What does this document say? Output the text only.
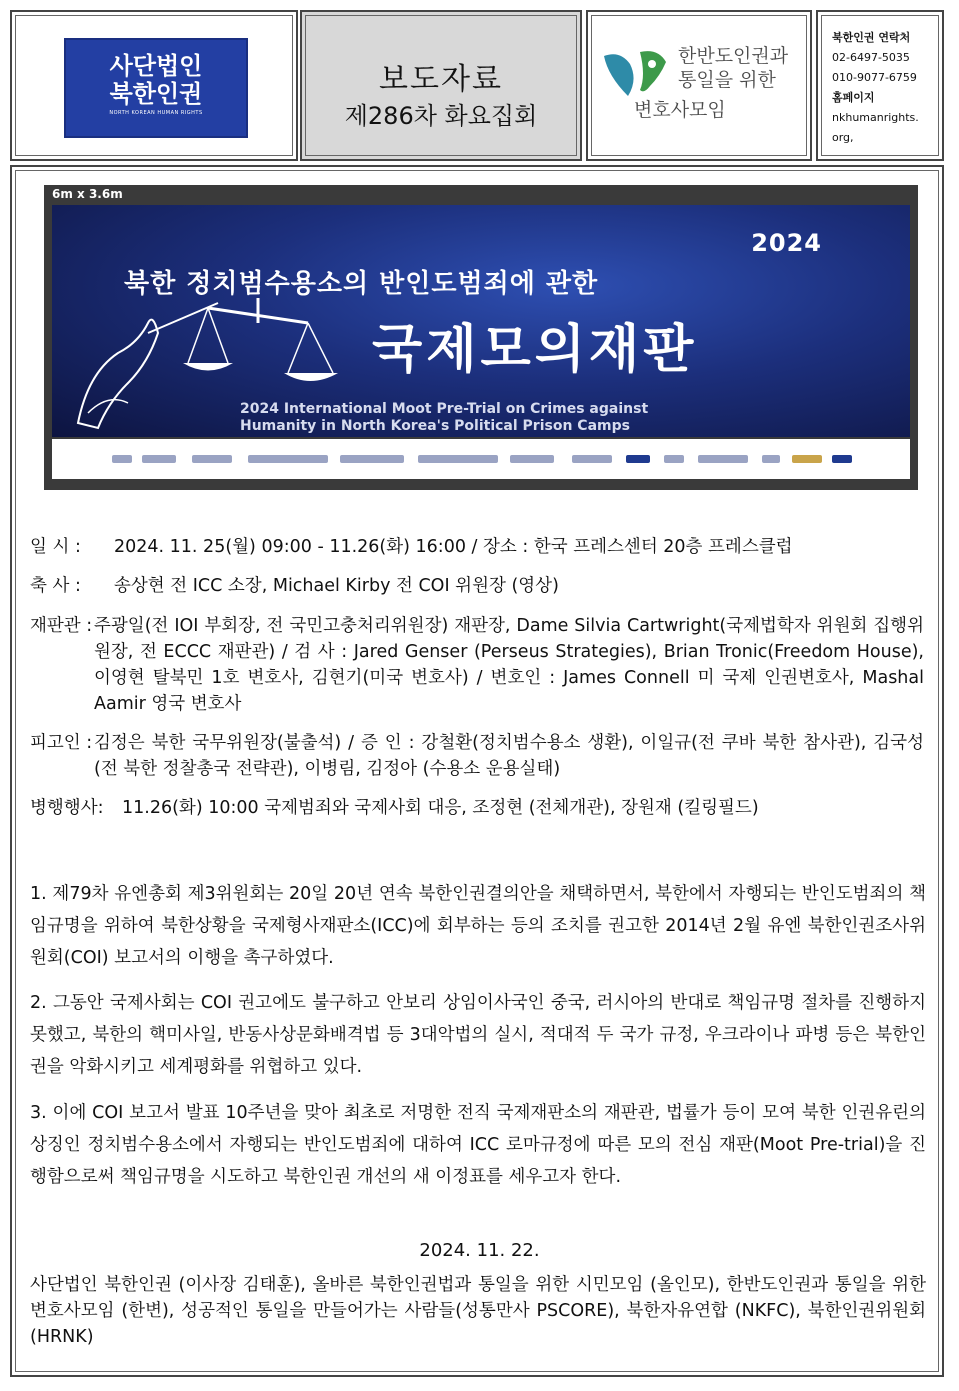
사단법인
북한인권
NORTH KOREAN HUMAN RIGHTS
보도자료
제286차 화요집회
한반도인권과
통일을 위한
변호사모임
북한인권 연락처
02-6497-5035
010-9077-6759
홈페이지
nkhumanrights.
org,
6m x 3.6m
2024
북한 정치범수용소의 반인도범죄에 관한
국제모의재판
2024 International Moot Pre-Trial on Crimes against
Humanity in North Korea's Political Prison Camps
일 시 : 2024. 11. 25(월) 09:00 - 11.26(화) 16:00 / 장소 : 한국 프레스센터 20층 프레스클럽
축 사 : 송상현 전 ICC 소장, Michael Kirby 전 COI 위원장 (영상)
재판관 : 주광일(전 IOI 부회장, 전 국민고충처리위원장) 재판장, Dame Silvia Cartwright(국제법학자 위원회 집행위원장, 전 ECCC 재판관) / 검 사 : Jared Genser (Perseus Strategies), Brian Tronic(Freedom House), 이영현 탈북민 1호 변호사, 김현기(미국 변호사) / 변호인 : James Connell 미 국제 인권변호사, Mashal Aamir 영국 변호사
피고인 : 김정은 북한 국무위원장(불출석) / 증 인 : 강철환(정치범수용소 생환), 이일규(전 쿠바 북한 참사관), 김국성(전 북한 정찰총국 전략관), 이병림, 김정아 (수용소 운용실태)
병행행사: 11.26(화) 10:00 국제범죄와 국제사회 대응, 조정현 (전체개관), 장원재 (킬링필드)
1. 제79차 유엔총회 제3위원회는 20일 20년 연속 북한인권결의안을 채택하면서, 북한에서 자행되는 반인도범죄의 책임규명을 위하여 북한상황을 국제형사재판소(ICC)에 회부하는 등의 조치를 권고한 2014년 2월 유엔 북한인권조사위원회(COI) 보고서의 이행을 촉구하였다.
2. 그동안 국제사회는 COI 권고에도 불구하고 안보리 상임이사국인 중국, 러시아의 반대로 책임규명 절차를 진행하지 못했고, 북한의 핵미사일, 반동사상문화배격법 등 3대악법의 실시, 적대적 두 국가 규정, 우크라이나 파병 등은 북한인권을 악화시키고 세계평화를 위협하고 있다.
3. 이에 COI 보고서 발표 10주년을 맞아 최초로 저명한 전직 국제재판소의 재판관, 법률가 등이 모여 북한 인권유린의 상징인 정치범수용소에서 자행되는 반인도범죄에 대하여 ICC 로마규정에 따른 모의 전심 재판(Moot Pre-trial)을 진행함으로써 책임규명을 시도하고 북한인권 개선의 새 이정표를 세우고자 한다.
2024. 11. 22.
사단법인 북한인권 (이사장 김태훈), 올바른 북한인권법과 통일을 위한 시민모임 (올인모), 한반도인권과 통일을 위한 변호사모임 (한변), 성공적인 통일을 만들어가는 사람들(성통만사 PSCORE), 북한자유연합 (NKFC), 북한인권위원회 (HRNK)
